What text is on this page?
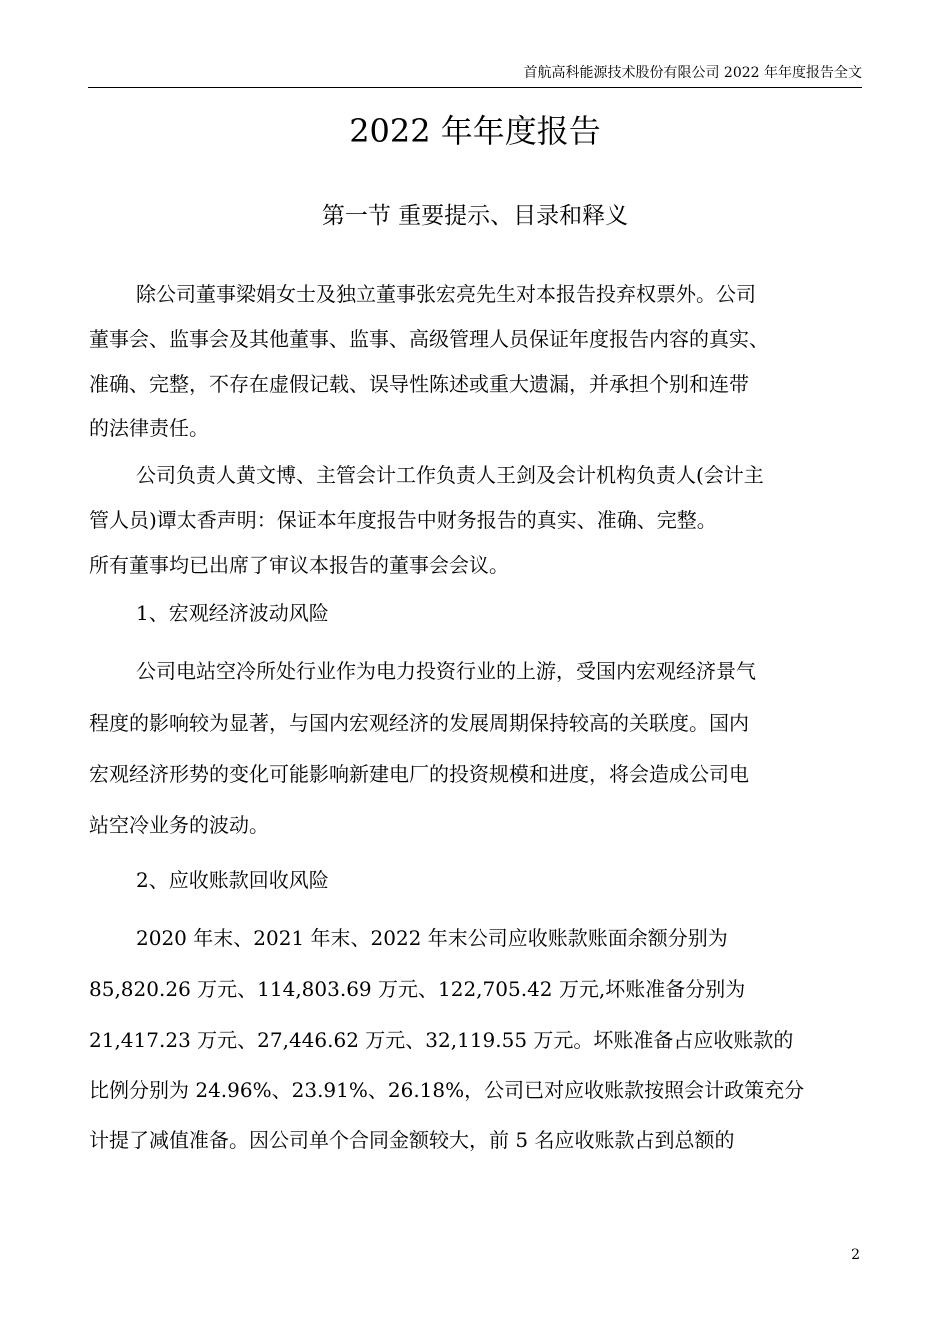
首航高科能源技术股份有限公司 2022 年年度报告全文
2022 年年度报告
第一节 重要提示、目录和释义
除公司董事梁娟女士及独立董事张宏亮先生对本报告投弃权票外。公司
董事会、监事会及其他董事、监事、高级管理人员保证年度报告内容的真实、
准确、完整，不存在虚假记载、误导性陈述或重大遗漏，并承担个别和连带
的法律责任。
公司负责人黄文博、主管会计工作负责人王剑及会计机构负责人(会计主
管人员)谭太香声明：保证本年度报告中财务报告的真实、准确、完整。
所有董事均已出席了审议本报告的董事会会议。
1、宏观经济波动风险
公司电站空冷所处行业作为电力投资行业的上游，受国内宏观经济景气
程度的影响较为显著，与国内宏观经济的发展周期保持较高的关联度。国内
宏观经济形势的变化可能影响新建电厂的投资规模和进度，将会造成公司电
站空冷业务的波动。
2、应收账款回收风险
2020 年末、2021 年末、2022 年末公司应收账款账面余额分别为
85,820.26 万元、114,803.69 万元、122,705.42 万元,坏账准备分别为
21,417.23 万元、27,446.62 万元、32,119.55 万元。坏账准备占应收账款的
比例分别为 24.96%、23.91%、26.18%，公司已对应收账款按照会计政策充分
计提了减值准备。因公司单个合同金额较大，前 5 名应收账款占到总额的
2
